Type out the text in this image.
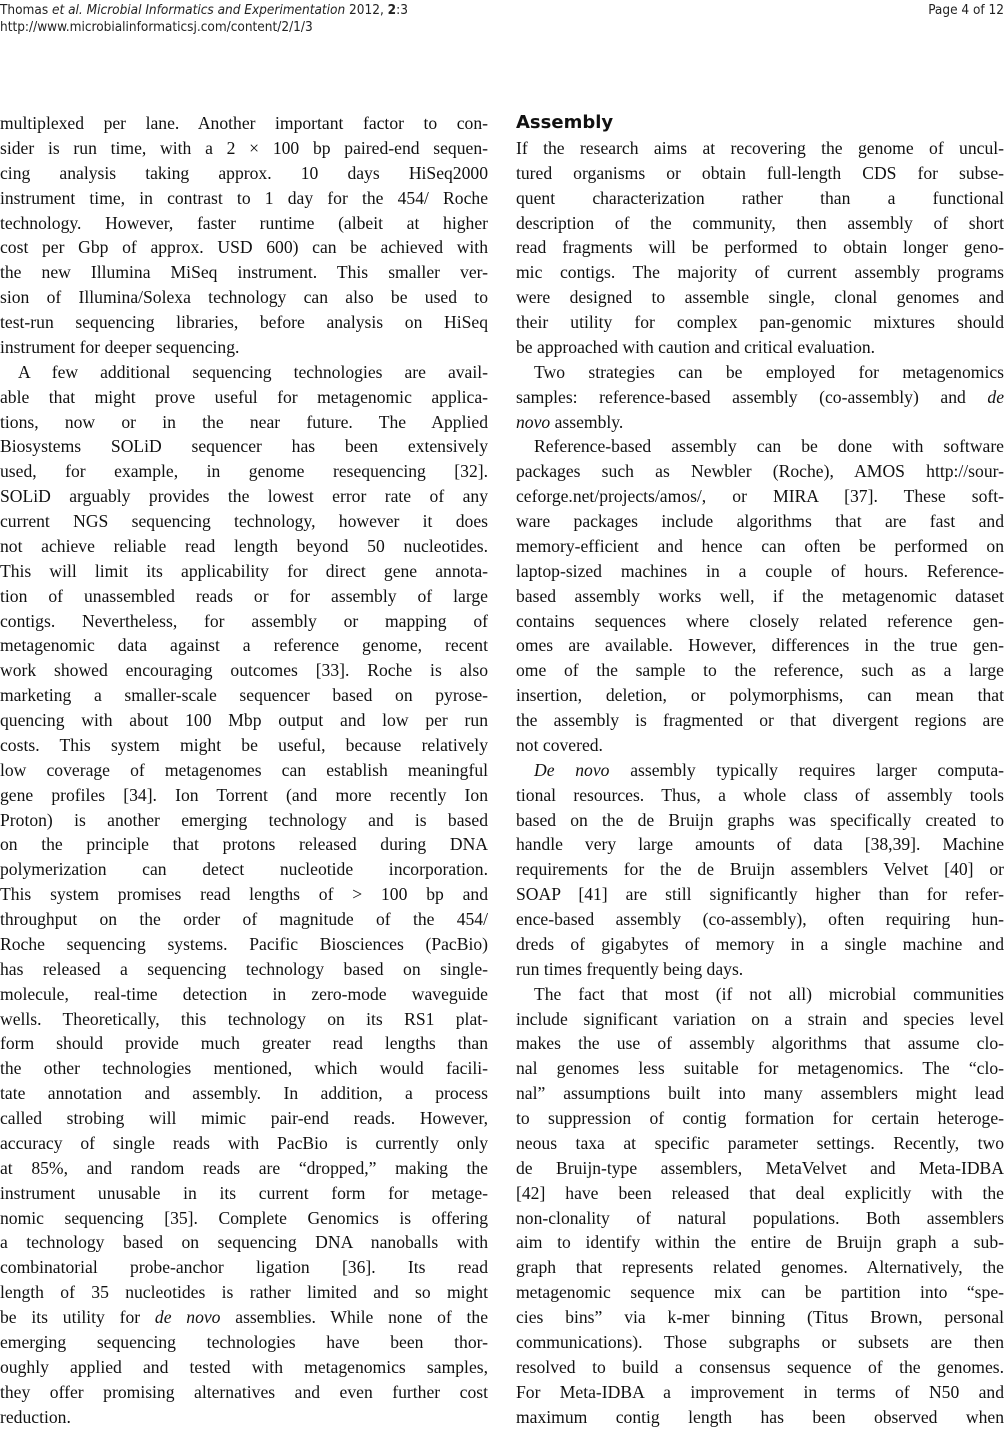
Thomas et al. Microbial Informatics and Experimentation 2012, 2:3
http://www.microbialinformaticsj.com/content/2/1/3
Page 4 of 12
multiplexed per lane. Another important factor to con-
sider is run time, with a 2 × 100 bp paired-end sequen-
cing analysis taking approx. 10 days HiSeq2000
instrument time, in contrast to 1 day for the 454/ Roche
technology. However, faster runtime (albeit at higher
cost per Gbp of approx. USD 600) can be achieved with
the new Illumina MiSeq instrument. This smaller ver-
sion of Illumina/Solexa technology can also be used to
test-run sequencing libraries, before analysis on HiSeq
instrument for deeper sequencing.
A few additional sequencing technologies are avail-
able that might prove useful for metagenomic applica-
tions, now or in the near future. The Applied
Biosystems SOLiD sequencer has been extensively
used, for example, in genome resequencing [32].
SOLiD arguably provides the lowest error rate of any
current NGS sequencing technology, however it does
not achieve reliable read length beyond 50 nucleotides.
This will limit its applicability for direct gene annota-
tion of unassembled reads or for assembly of large
contigs. Nevertheless, for assembly or mapping of
metagenomic data against a reference genome, recent
work showed encouraging outcomes [33]. Roche is also
marketing a smaller-scale sequencer based on pyrose-
quencing with about 100 Mbp output and low per run
costs. This system might be useful, because relatively
low coverage of metagenomes can establish meaningful
gene profiles [34]. Ion Torrent (and more recently Ion
Proton) is another emerging technology and is based
on the principle that protons released during DNA
polymerization can detect nucleotide incorporation.
This system promises read lengths of > 100 bp and
throughput on the order of magnitude of the 454/
Roche sequencing systems. Pacific Biosciences (PacBio)
has released a sequencing technology based on single-
molecule, real-time detection in zero-mode waveguide
wells. Theoretically, this technology on its RS1 plat-
form should provide much greater read lengths than
the other technologies mentioned, which would facili-
tate annotation and assembly. In addition, a process
called strobing will mimic pair-end reads. However,
accuracy of single reads with PacBio is currently only
at 85%, and random reads are “dropped,” making the
instrument unusable in its current form for metage-
nomic sequencing [35]. Complete Genomics is offering
a technology based on sequencing DNA nanoballs with
combinatorial probe-anchor ligation [36]. Its read
length of 35 nucleotides is rather limited and so might
be its utility for de novo assemblies. While none of the
emerging sequencing technologies have been thor-
oughly applied and tested with metagenomics samples,
they offer promising alternatives and even further cost
reduction.
Assembly
If the research aims at recovering the genome of uncul-
tured organisms or obtain full-length CDS for subse-
quent characterization rather than a functional
description of the community, then assembly of short
read fragments will be performed to obtain longer geno-
mic contigs. The majority of current assembly programs
were designed to assemble single, clonal genomes and
their utility for complex pan-genomic mixtures should
be approached with caution and critical evaluation.
Two strategies can be employed for metagenomics
samples: reference-based assembly (co-assembly) and de
novo assembly.
Reference-based assembly can be done with software
packages such as Newbler (Roche), AMOS http://sour-
ceforge.net/projects/amos/, or MIRA [37]. These soft-
ware packages include algorithms that are fast and
memory-efficient and hence can often be performed on
laptop-sized machines in a couple of hours. Reference-
based assembly works well, if the metagenomic dataset
contains sequences where closely related reference gen-
omes are available. However, differences in the true gen-
ome of the sample to the reference, such as a large
insertion, deletion, or polymorphisms, can mean that
the assembly is fragmented or that divergent regions are
not covered.
De novo assembly typically requires larger computa-
tional resources. Thus, a whole class of assembly tools
based on the de Bruijn graphs was specifically created to
handle very large amounts of data [38,39]. Machine
requirements for the de Bruijn assemblers Velvet [40] or
SOAP [41] are still significantly higher than for refer-
ence-based assembly (co-assembly), often requiring hun-
dreds of gigabytes of memory in a single machine and
run times frequently being days.
The fact that most (if not all) microbial communities
include significant variation on a strain and species level
makes the use of assembly algorithms that assume clo-
nal genomes less suitable for metagenomics. The “clo-
nal” assumptions built into many assemblers might lead
to suppression of contig formation for certain heteroge-
neous taxa at specific parameter settings. Recently, two
de Bruijn-type assemblers, MetaVelvet and Meta-IDBA
[42] have been released that deal explicitly with the
non-clonality of natural populations. Both assemblers
aim to identify within the entire de Bruijn graph a sub-
graph that represents related genomes. Alternatively, the
metagenomic sequence mix can be partition into “spe-
cies bins” via k-mer binning (Titus Brown, personal
communications). Those subgraphs or subsets are then
resolved to build a consensus sequence of the genomes.
For Meta-IDBA a improvement in terms of N50 and
maximum contig length has been observed when
